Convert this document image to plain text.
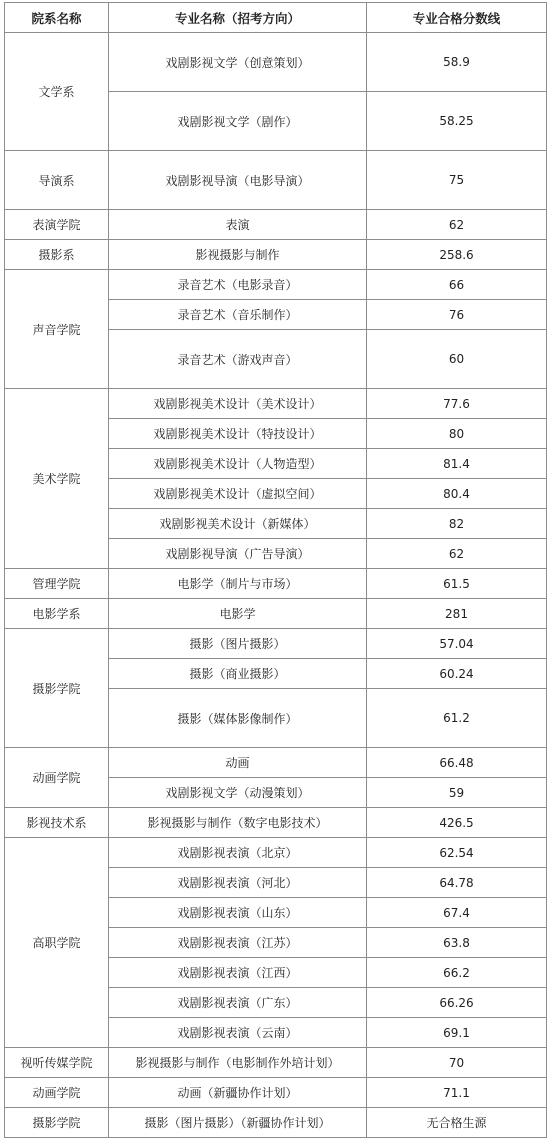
院系名称	专业名称（招考方向）	专业合格分数线
文学系	戏剧影视文学（创意策划）	58.9
	戏剧影视文学（剧作）	58.25
导演系	戏剧影视导演（电影导演）	75
表演学院	表演	62
摄影系	影视摄影与制作	258.6
声音学院	录音艺术（电影录音）	66
	录音艺术（音乐制作）	76
	录音艺术（游戏声音）	60
美术学院	戏剧影视美术设计（美术设计）	77.6
	戏剧影视美术设计（特技设计）	80
	戏剧影视美术设计（人物造型）	81.4
	戏剧影视美术设计（虚拟空间）	80.4
	戏剧影视美术设计（新媒体）	82
	戏剧影视导演（广告导演）	62
管理学院	电影学（制片与市场）	61.5
电影学系	电影学	281
摄影学院	摄影（图片摄影）	57.04
	摄影（商业摄影）	60.24
	摄影（媒体影像制作）	61.2
动画学院	动画	66.48
	戏剧影视文学（动漫策划）	59
影视技术系	影视摄影与制作（数字电影技术）	426.5
高职学院	戏剧影视表演（北京）	62.54
	戏剧影视表演（河北）	64.78
	戏剧影视表演（山东）	67.4
	戏剧影视表演（江苏）	63.8
	戏剧影视表演（江西）	66.2
	戏剧影视表演（广东）	66.26
	戏剧影视表演（云南）	69.1
视听传媒学院	影视摄影与制作（电影制作外培计划）	70
动画学院	动画（新疆协作计划）	71.1
摄影学院	摄影（图片摄影）（新疆协作计划）	无合格生源
